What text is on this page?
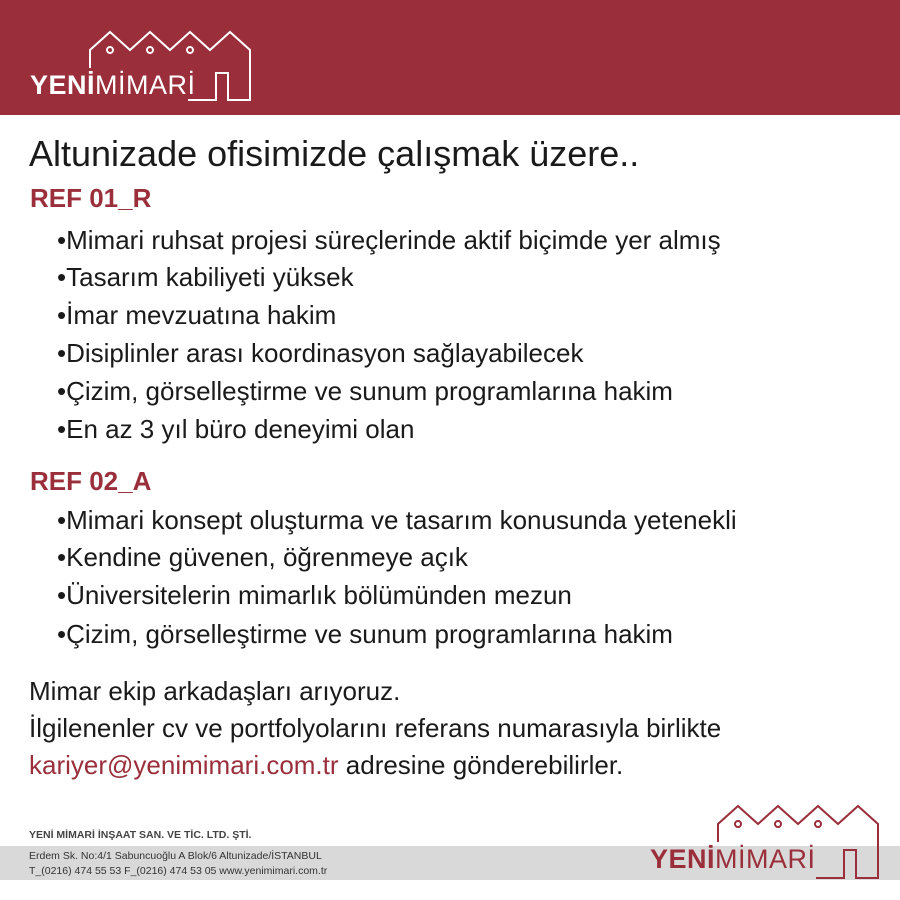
YENİMİMARİ
Altunizade ofisimizde çalışmak üzere..
REF 01_R
•Mimari ruhsat projesi süreçlerinde aktif biçimde yer almış
•Tasarım kabiliyeti yüksek
•İmar mevzuatına hakim
•Disiplinler arası koordinasyon sağlayabilecek
•Çizim, görselleştirme ve sunum programlarına hakim
•En az 3 yıl büro deneyimi olan
REF 02_A
•Mimari konsept oluşturma ve tasarım konusunda yetenekli
•Kendine güvenen, öğrenmeye açık
•Üniversitelerin mimarlık bölümünden mezun
•Çizim, görselleştirme ve sunum programlarına hakim
Mimar ekip arkadaşları arıyoruz.
İlgilenenler cv ve portfolyolarını referans numarasıyla birlikte
kariyer@yenimimari.com.tr adresine gönderebilirler.
YENİ MİMARİ İNŞAAT SAN. VE TİC. LTD. ŞTİ.
Erdem Sk. No:4/1 Sabuncuoğlu A Blok/6 Altunizade/İSTANBUL
T_(0216) 474 55 53 F_(0216) 474 53 05 www.yenimimari.com.tr	YENİMİMARİ
